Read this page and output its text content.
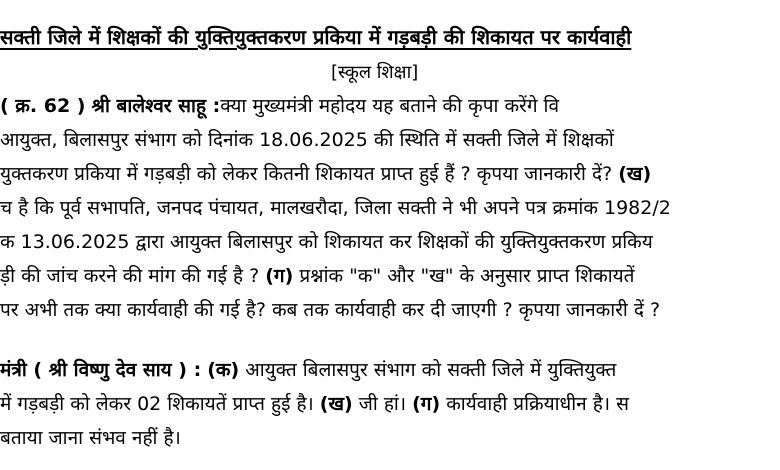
सक्ती जिले में शिक्षकों की युक्तियुक्तकरण प्रकिया में गड़बड़ी की शिकायत पर कार्यवाही
[स्कूल शिक्षा]
( क्र. 62 ) श्री बालेश्वर साहू :क्या मुख्यमंत्री महोदय यह बताने की कृपा करेंगे वि
आयुक्त, बिलासपुर संभाग को दिनांक 18.06.2025 की स्थिति में सक्ती जिले में शिक्षकों
युक्तकरण प्रकिया में गड़बड़ी को लेकर कितनी शिकायत प्राप्त हुई हैं ? कृपया जानकारी दें? (ख)
च है कि पूर्व सभापति, जनपद पंचायत, मालखरौदा, जिला सक्ती ने भी अपने पत्र क्रमांक 1982/2
क 13.06.2025 द्वारा आयुक्त बिलासपुर को शिकायत कर शिक्षकों की युक्तियुक्तकरण प्रकिय
ड़ी की जांच करने की मांग की गई है ? (ग) प्रश्नांक "क" और "ख" के अनुसार प्राप्त शिकायतें
पर अभी तक क्या कार्यवाही की गई है? कब तक कार्यवाही कर दी जाएगी ? कृपया जानकारी दें ?
मंत्री ( श्री विष्णु देव साय ) : (क) आयुक्त बिलासपुर संभाग को सक्ती जिले में युक्तियुक्त
में गड़बड़ी को लेकर 02 शिकायतें प्राप्त हुई है। (ख) जी हां। (ग) कार्यवाही प्रक्रियाधीन है। स
बताया जाना संभव नहीं है।
